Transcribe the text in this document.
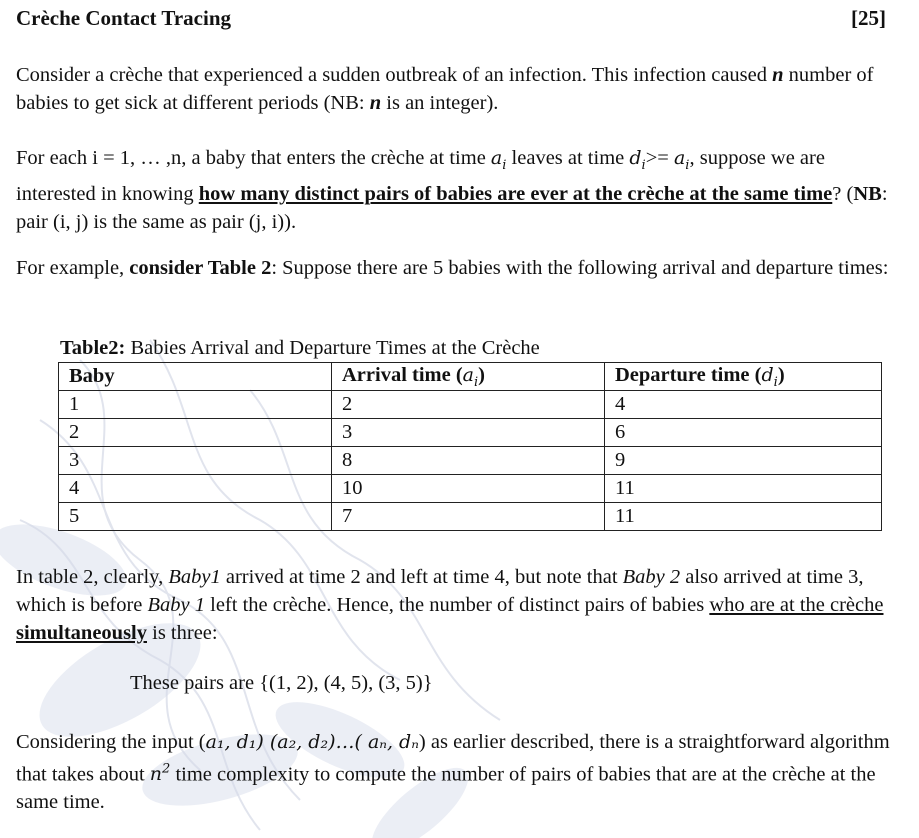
Crèche Contact Tracing	[25]
Consider a crèche that experienced a sudden outbreak of an infection. This infection caused n number of babies to get sick at different periods (NB: n is an integer).
For each i = 1, … ,n, a baby that enters the crèche at time $a_i$ leaves at time $d_i>= a_i$, suppose we are interested in knowing how many distinct pairs of babies are ever at the crèche at the same time? (NB: pair (i, j) is the same as pair (j, i)).
For example, consider Table 2: Suppose there are 5 babies with the following arrival and departure times:
Table2: Babies Arrival and Departure Times at the Crèche
Baby	Arrival time $(a_i)$	Departure time $(d_i)$
1	2	4
2	3	6
3	8	9
4	10	11
5	7	11
In table 2, clearly, Baby1 arrived at time 2 and left at time 4, but note that Baby 2 also arrived at time 3, which is before Baby 1 left the crèche. Hence, the number of distinct pairs of babies who are at the crèche simultaneously is three:
These pairs are {(1, 2), (4, 5), (3, 5)}
Considering the input (a₁, d₁) (a₂, d₂)…( aₙ, dₙ) as earlier described, there is a straightforward algorithm that takes about $n^2$ time complexity to compute the number of pairs of babies that are at the crèche at the same time.
